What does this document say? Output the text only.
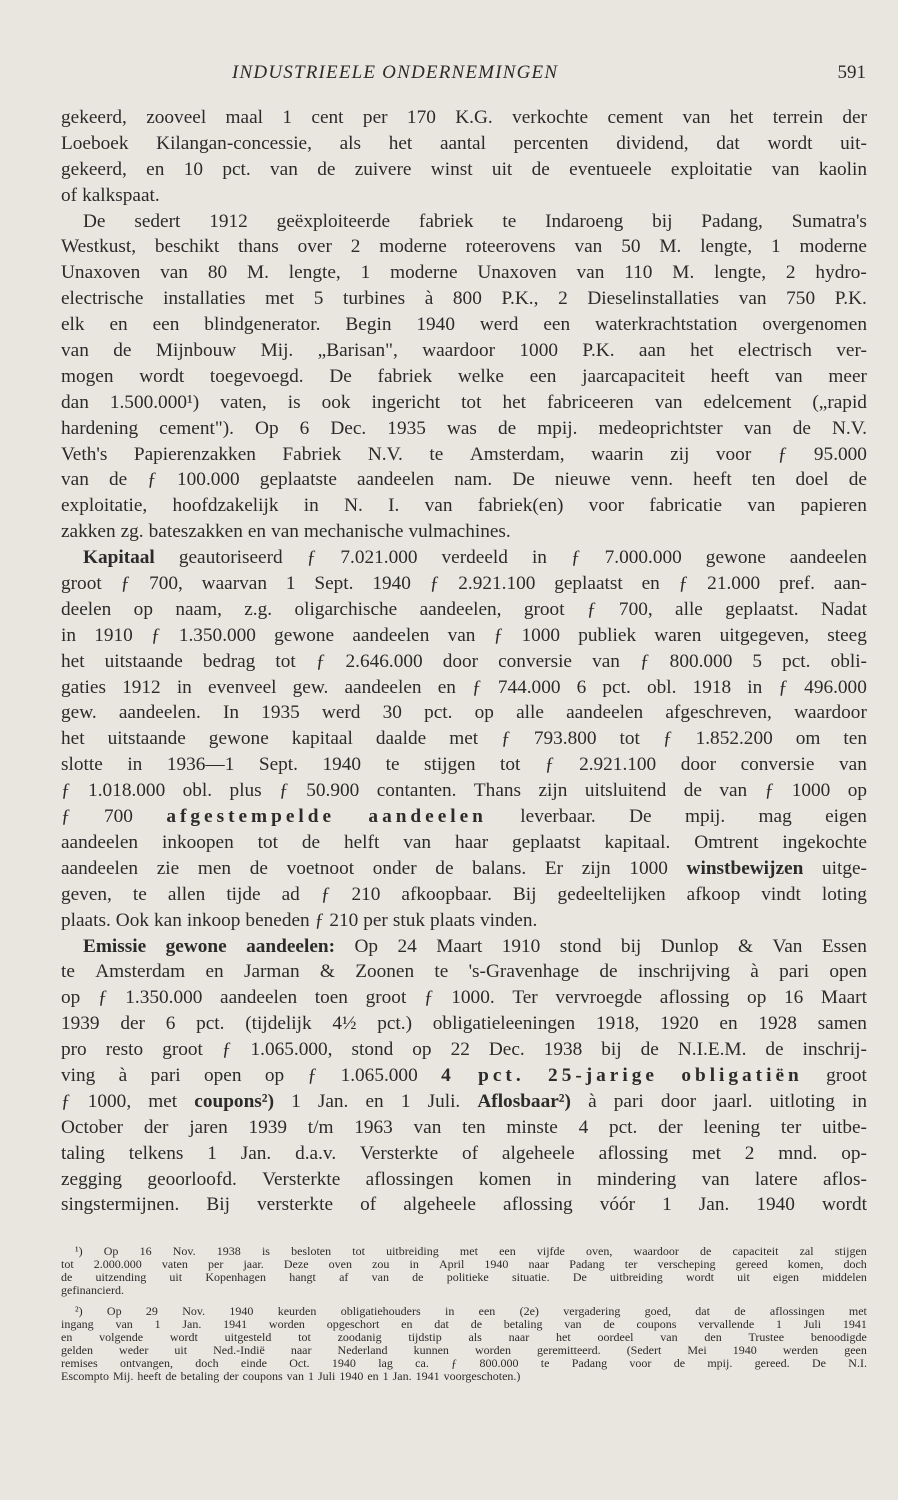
INDUSTRIEELE ONDERNEMINGEN	591
gekeerd, zooveel maal 1 cent per 170 K.G. verkochte cement van het terrein der
Loeboek Kilangan-concessie, als het aantal percenten dividend, dat wordt uit-
gekeerd, en 10 pct. van de zuivere winst uit de eventueele exploitatie van kaolin
of kalkspaat.
De sedert 1912 geëxploiteerde fabriek te Indaroeng bij Padang, Sumatra's
Westkust, beschikt thans over 2 moderne roteerovens van 50 M. lengte, 1 moderne
Unaxoven van 80 M. lengte, 1 moderne Unaxoven van 110 M. lengte, 2 hydro-
electrische installaties met 5 turbines à 800 P.K., 2 Dieselinstallaties van 750 P.K.
elk en een blindgenerator. Begin 1940 werd een waterkrachtstation overgenomen
van de Mijnbouw Mij. „Barisan", waardoor 1000 P.K. aan het electrisch ver-
mogen wordt toegevoegd. De fabriek welke een jaarcapaciteit heeft van meer
dan 1.500.000¹) vaten, is ook ingericht tot het fabriceeren van edelcement („rapid
hardening cement"). Op 6 Dec. 1935 was de mpij. medeoprichtster van de N.V.
Veth's Papierenzakken Fabriek N.V. te Amsterdam, waarin zij voor ƒ 95.000
van de ƒ 100.000 geplaatste aandeelen nam. De nieuwe venn. heeft ten doel de
exploitatie, hoofdzakelijk in N. I. van fabriek(en) voor fabricatie van papieren
zakken zg. bateszakken en van mechanische vulmachines.
Kapitaal geautoriseerd ƒ 7.021.000 verdeeld in ƒ 7.000.000 gewone aandeelen
groot ƒ 700, waarvan 1 Sept. 1940 ƒ 2.921.100 geplaatst en ƒ 21.000 pref. aan-
deelen op naam, z.g. oligarchische aandeelen, groot ƒ 700, alle geplaatst. Nadat
in 1910 ƒ 1.350.000 gewone aandeelen van ƒ 1000 publiek waren uitgegeven, steeg
het uitstaande bedrag tot ƒ 2.646.000 door conversie van ƒ 800.000 5 pct. obli-
gaties 1912 in evenveel gew. aandeelen en ƒ 744.000 6 pct. obl. 1918 in ƒ 496.000
gew. aandeelen. In 1935 werd 30 pct. op alle aandeelen afgeschreven, waardoor
het uitstaande gewone kapitaal daalde met ƒ 793.800 tot ƒ 1.852.200 om ten
slotte in 1936—1 Sept. 1940 te stijgen tot ƒ 2.921.100 door conversie van
ƒ 1.018.000 obl. plus ƒ 50.900 contanten. Thans zijn uitsluitend de van ƒ 1000 op
ƒ 700 afgestempelde aandeelen leverbaar. De mpij. mag eigen
aandeelen inkoopen tot de helft van haar geplaatst kapitaal. Omtrent ingekochte
aandeelen zie men de voetnoot onder de balans. Er zijn 1000 winstbewijzen uitge-
geven, te allen tijde ad ƒ 210 afkoopbaar. Bij gedeeltelijken afkoop vindt loting
plaats. Ook kan inkoop beneden ƒ 210 per stuk plaats vinden.
Emissie gewone aandeelen: Op 24 Maart 1910 stond bij Dunlop & Van Essen
te Amsterdam en Jarman & Zoonen te 's-Gravenhage de inschrijving à pari open
op ƒ 1.350.000 aandeelen toen groot ƒ 1000. Ter vervroegde aflossing op 16 Maart
1939 der 6 pct. (tijdelijk 4½ pct.) obligatieleeningen 1918, 1920 en 1928 samen
pro resto groot ƒ 1.065.000, stond op 22 Dec. 1938 bij de N.I.E.M. de inschrij-
ving à pari open op ƒ 1.065.000 4 pct. 25-jarige obligatiën groot
ƒ 1000, met coupons²) 1 Jan. en 1 Juli. Aflosbaar²) à pari door jaarl. uitloting in
October der jaren 1939 t/m 1963 van ten minste 4 pct. der leening ter uitbe-
taling telkens 1 Jan. d.a.v. Versterkte of algeheele aflossing met 2 mnd. op-
zegging geoorloofd. Versterkte aflossingen komen in mindering van latere aflos-
singstermijnen. Bij versterkte of algeheele aflossing vóór 1 Jan. 1940 wordt
¹) Op 16 Nov. 1938 is besloten tot uitbreiding met een vijfde oven, waardoor de capaciteit zal stijgen
tot 2.000.000 vaten per jaar. Deze oven zou in April 1940 naar Padang ter verscheping gereed komen, doch
de uitzending uit Kopenhagen hangt af van de politieke situatie. De uitbreiding wordt uit eigen middelen
gefinancierd.
²) Op 29 Nov. 1940 keurden obligatiehouders in een (2e) vergadering goed, dat de aflossingen met
ingang van 1 Jan. 1941 worden opgeschort en dat de betaling van de coupons vervallende 1 Juli 1941
en volgende wordt uitgesteld tot zoodanig tijdstip als naar het oordeel van den Trustee benoodigde
gelden weder uit Ned.-Indië naar Nederland kunnen worden geremitteerd. (Sedert Mei 1940 werden geen
remises ontvangen, doch einde Oct. 1940 lag ca. ƒ 800.000 te Padang voor de mpij. gereed. De N.I.
Escompto Mij. heeft de betaling der coupons van 1 Juli 1940 en 1 Jan. 1941 voorgeschoten.)
